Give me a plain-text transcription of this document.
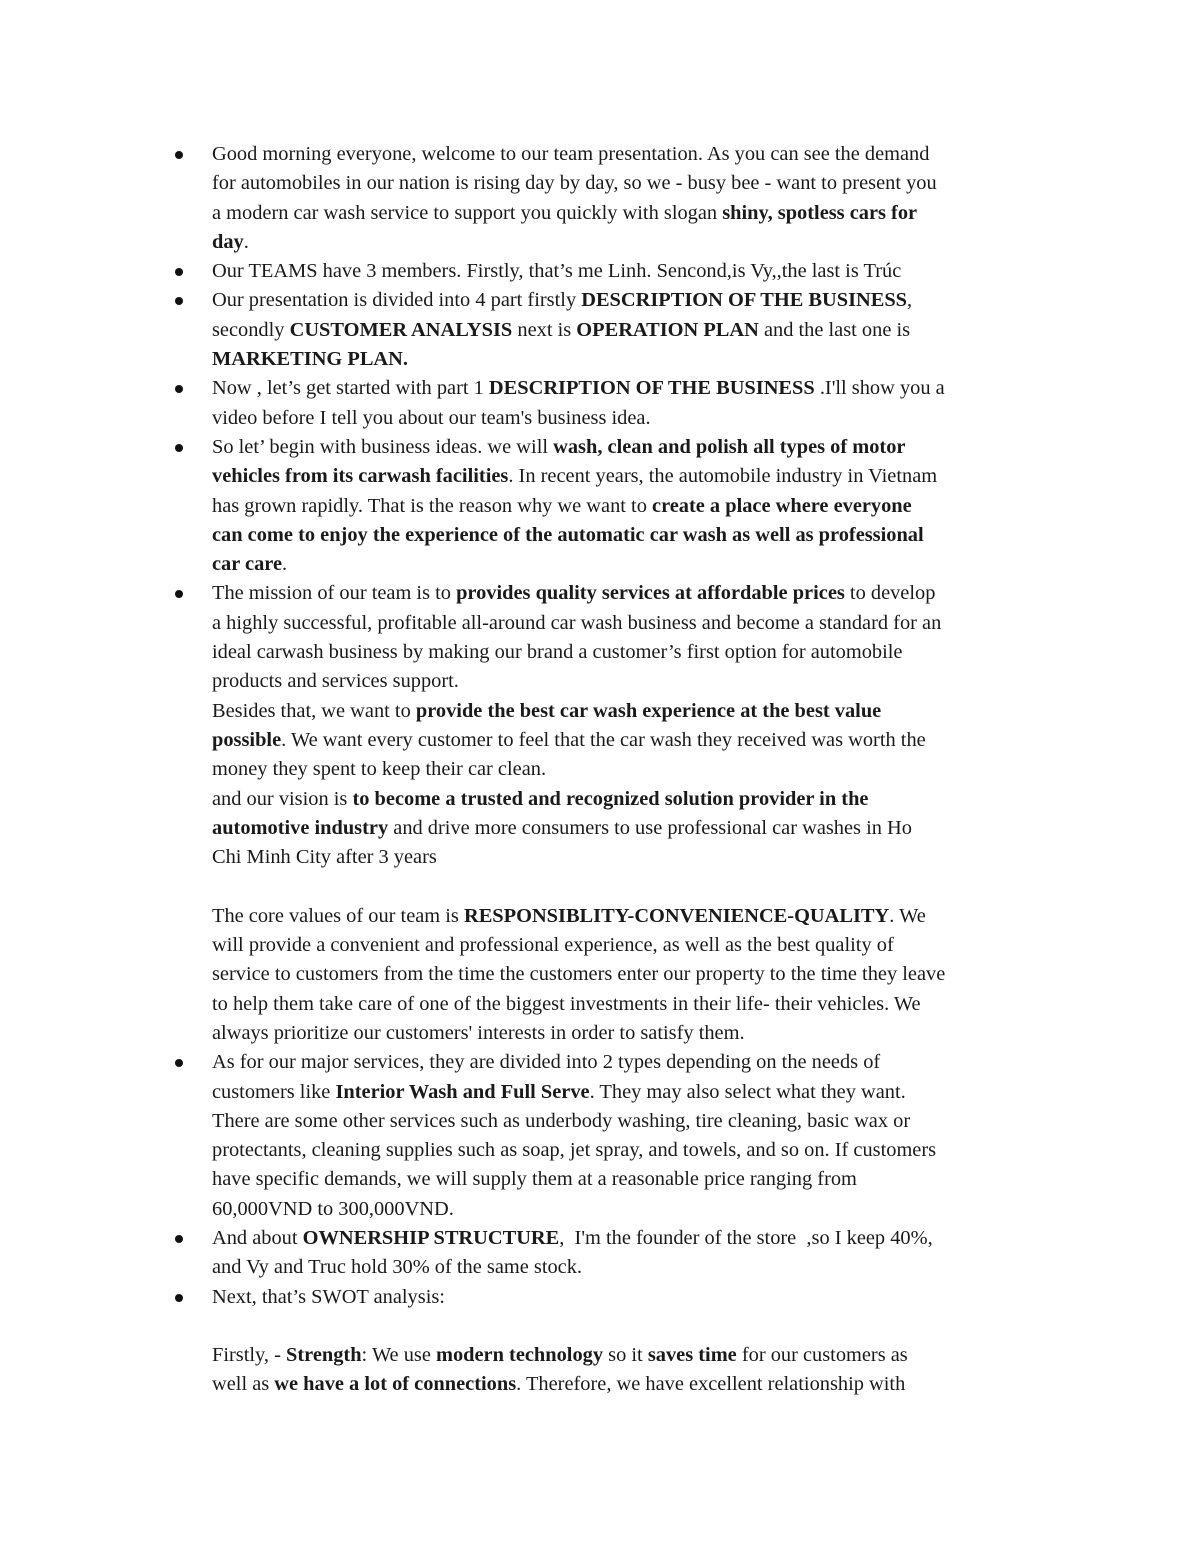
Good morning everyone, welcome to our team presentation. As you can see the demand
for automobiles in our nation is rising day by day, so we - busy bee - want to present you
a modern car wash service to support you quickly with slogan shiny, spotless cars for
day.
Our TEAMS have 3 members. Firstly, that’s me Linh. Sencond,is Vy,,the last is Trúc
Our presentation is divided into 4 part firstly DESCRIPTION OF THE BUSINESS,
secondly CUSTOMER ANALYSIS next is OPERATION PLAN and the last one is
MARKETING PLAN.
Now , let’s get started with part 1 DESCRIPTION OF THE BUSINESS .I'll show you a
video before I tell you about our team's business idea.
So let’ begin with business ideas. we will wash, clean and polish all types of motor
vehicles from its carwash facilities. In recent years, the automobile industry in Vietnam
has grown rapidly. That is the reason why we want to create a place where everyone
can come to enjoy the experience of the automatic car wash as well as professional
car care.
The mission of our team is to provides quality services at affordable prices to develop
a highly successful, profitable all-around car wash business and become a standard for an
ideal carwash business by making our brand a customer’s first option for automobile
products and services support.
Besides that, we want to provide the best car wash experience at the best value
possible. We want every customer to feel that the car wash they received was worth the
money they spent to keep their car clean.
and our vision is to become a trusted and recognized solution provider in the
automotive industry and drive more consumers to use professional car washes in Ho
Chi Minh City after 3 years
The core values of our team is RESPONSIBLITY-CONVENIENCE-QUALITY. We
will provide a convenient and professional experience, as well as the best quality of
service to customers from the time the customers enter our property to the time they leave
to help them take care of one of the biggest investments in their life- their vehicles. We
always prioritize our customers' interests in order to satisfy them.
As for our major services, they are divided into 2 types depending on the needs of
customers like Interior Wash and Full Serve. They may also select what they want.
There are some other services such as underbody washing, tire cleaning, basic wax or
protectants, cleaning supplies such as soap, jet spray, and towels, and so on. If customers
have specific demands, we will supply them at a reasonable price ranging from
60,000VND to 300,000VND.
And about OWNERSHIP STRUCTURE,  I'm the founder of the store  ,so I keep 40%,
and Vy and Truc hold 30% of the same stock.
Next, that’s SWOT analysis:
Firstly, - Strength: We use modern technology so it saves time for our customers as
well as we have a lot of connections. Therefore, we have excellent relationship with
